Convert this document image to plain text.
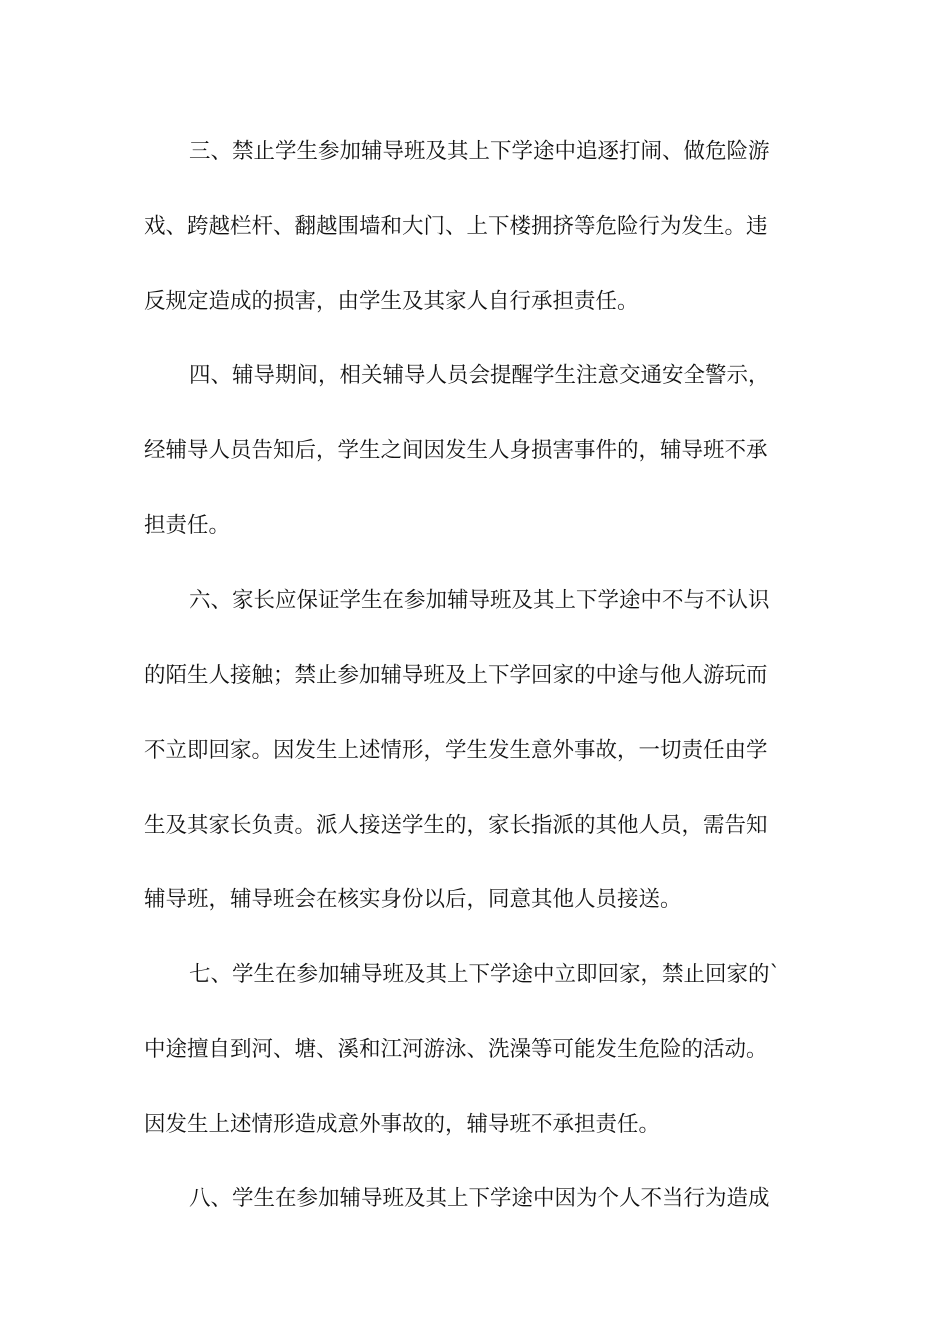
三、禁止学生参加辅导班及其上下学途中追逐打闹、做危险游
戏、跨越栏杆、翻越围墙和大门、上下楼拥挤等危险行为发生。违
反规定造成的损害，由学生及其家人自行承担责任。
四、辅导期间，相关辅导人员会提醒学生注意交通安全警示，
经辅导人员告知后，学生之间因发生人身损害事件的，辅导班不承
担责任。
六、家长应保证学生在参加辅导班及其上下学途中不与不认识
的陌生人接触；禁止参加辅导班及上下学回家的中途与他人游玩而
不立即回家。因发生上述情形，学生发生意外事故，一切责任由学
生及其家长负责。派人接送学生的，家长指派的其他人员，需告知
辅导班，辅导班会在核实身份以后，同意其他人员接送。
七、学生在参加辅导班及其上下学途中立即回家，禁止回家的`
中途擅自到河、塘、溪和江河游泳、洗澡等可能发生危险的活动。
因发生上述情形造成意外事故的，辅导班不承担责任。
八、学生在参加辅导班及其上下学途中因为个人不当行为造成
